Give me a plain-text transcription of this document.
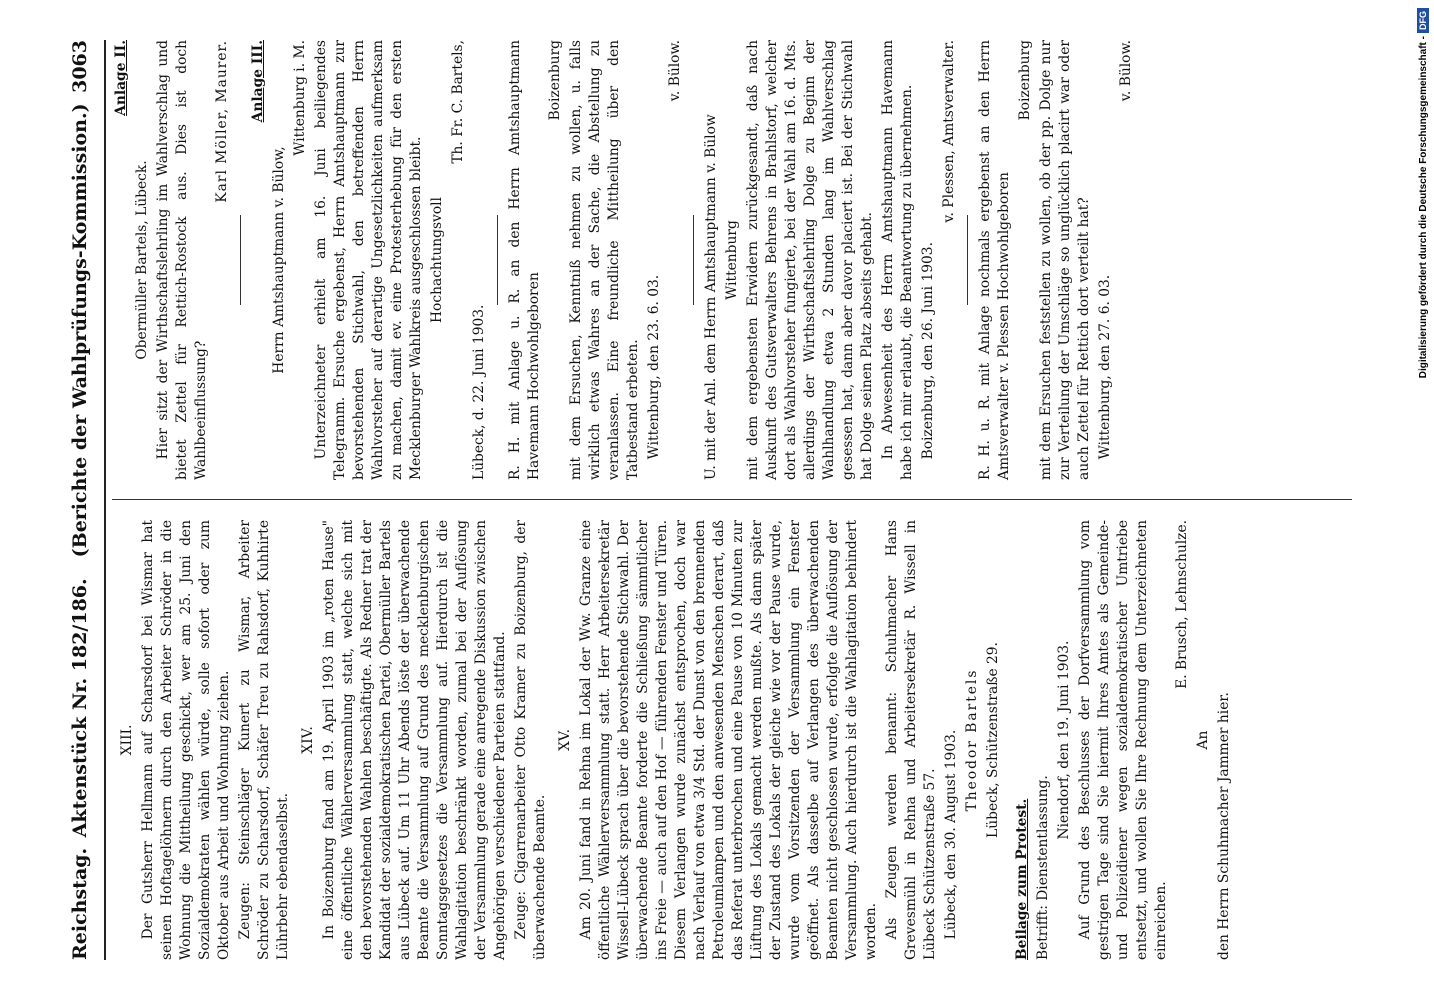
Reichstag.
Aktenstück Nr. 182/186.
(Berichte der Wahlprüfungs-Kommission.)
3063
XIII. Der Gutsherr Hellmann auf Scharsdorf bei Wismar hat seinen Hoftagelöhnern durch den Arbeiter Schröder in die Wohnung die Mittheilung geschickt, wer am 25. Juni den Sozialdemokraten wählen würde, solle sofort oder zum Oktober aus Arbeit und Wohnung ziehen. Zeugen: Steinschläger Kunert zu Wismar, Arbeiter Schröder zu Scharsdorf, Schäfer Treu zu Rahsdorf, Kuhhirte Lührbehr ebendaselbst.

XIV. In Boizenburg fand am 19. April 1903 im „roten Hause" eine öffentliche Wählerversammlung statt, welche sich mit den bevorstehenden Wahlen beschäftigte. Als Redner trat der Kandidat der sozialdemokratischen Partei, Obermüller Bartels aus Lübeck auf. Um 11 Uhr Abends löste der überwachende Beamte die Versammlung auf Grund des mecklenburgischen Sonntagsgesetzes die Versammlung auf. Hierdurch ist die Wahlagitation beschränkt worden, zumal bei der Auflösung der Versammlung gerade eine anregende Diskussion zwischen Angehörigen verschiedener Parteien stattfand. Zeuge: Cigarrenarbeiter Otto Kramer zu Boizenburg, der überwachende Beamte.

XV. Am 20. Juni fand in Rehna im Lokal der Ww. Granze eine öffentliche Wählerversammlung statt. Herr Arbeitersekretär Wissell-Lübeck sprach über die bevorstehende Stichwahl. Der überwachende Beamte forderte die Schließung sämmtlicher ins Freie — auch auf den Hof — führenden Fenster und Türen. Diesem Verlangen wurde zunächst entsprochen, doch war nach Verlauf von etwa 3/4 Std. der Dunst von den brennenden Petroleumlampen und den anwesenden Menschen derart, daß das Referat unterbrochen und eine Pause von 10 Minuten zur Lüftung des Lokals gemacht werden mußte. Als dann später der Zustand des Lokals der gleiche wie vor der Pause wurde, wurde vom Vorsitzenden der Versammlung ein Fenster geöffnet. Als dasselbe auf Verlangen des überwachenden Beamten nicht geschlossen wurde, erfolgte die Auflösung der Versammlung. Auch hierdurch ist die Wahlagitation behindert worden. Als Zeugen werden benannt: Schuhmacher Hans Grevesmühl in Rehna und Arbeitersekretär R. Wissell in Lübeck Schützenstraße 57. Lübeck, den 30. August 1903. Theodor Bartels Lübeck, Schützenstraße 29.

Beilage zum Protest. Betrifft: Dienstentlassung.

Niendorf, den 19. Juni 1903. Auf Grund des Beschlusses der Dorfversammlung vom gestrigen Tage sind Sie hiermit Ihres Amtes als Gemeinde- und Polizeidiener wegen sozialdemokratischer Umtriebe entsetzt, und wollen Sie Ihre Rechnung dem Unterzeichneten einreichen.

E. Brusch, Lehnschulze.

An den Herrn Schuhmacher Jammer hier.

Anlage II.

Obermüller Bartels, Lübeck. Hier sitzt der Wirthschaftslehrling im Wahlverschlag und bietet Zettel für Rettich-Rostock aus. Dies ist doch Wahlbeeinflussung?

Karl Möller, Maurer. Anlage III.

Herrn Amtshauptmann v. Bülow,

Wittenburg i. M. Unterzeichneter erhielt am 16. Juni beiliegendes Telegramm. Ersuche ergebenst, Herrn Amtshauptmann zur bevorstehenden Stichwahl, den betreffenden Herrn Wahlvorsteher auf derartige Ungesetzlichkeiten aufmerksam zu machen, damit ev. eine Protesterhebung für den ersten Mecklenburger Wahlkreis ausgeschlossen bleibt. Hochachtungsvoll

Th. Fr. C. Bartels,

Lübeck, d. 22. Juni 1903. R. H. mit Anlage u. R. an den Herrn Amtshauptmann Havemann Hochwohlgeboren

Boizenburg mit dem Ersuchen, Kenntniß nehmen zu wollen, u. falls wirklich etwas Wahres an der Sache, die Abstellung zu veranlassen. Eine freundliche Mittheilung über den Tatbestand erbeten. Wittenburg, den 23. 6. 03.

v. Bülow.

U. mit der Anl. dem Herrn Amtshauptmann v. Bülow Wittenburg mit dem ergebensten Erwidern zurückgesandt, daß nach Auskunft des Gutsverwalters Behrens in Brahlstorf, welcher dort als Wahlvorsteher fungierte, bei der Wahl am 16. d. Mts. allerdings der Wirthschaftslehrling Dolge zu Beginn der Wahlhandlung etwa 2 Stunden lang im Wahlverschlag gesessen hat, dann aber davor placiert ist. Bei der Stichwahl hat Dolge seinen Platz abseits gehabt. In Abwesenheit des Herrn Amtshauptmann Havemann habe ich mir erlaubt, die Beantwortung zu übernehmen. Boizenburg, den 26. Juni 1903.

v. Plessen, Amtsverwalter. R. H. u. R. mit Anlage nochmals ergebenst an den Herrn Amtsverwalter v. Plessen Hochwohlgeboren

Boizenburg mit dem Ersuchen feststellen zu wollen, ob der pp. Dolge nur zur Verteilung der Umschläge so unglücklich placirt war oder auch Zettel für Rettich dort verteilt hat? Wittenburg, den 27. 6. 03.

v. Bülow.	Digitalisierung gefördert durch die Deutsche Forschungsgemeinschaft -DFG
